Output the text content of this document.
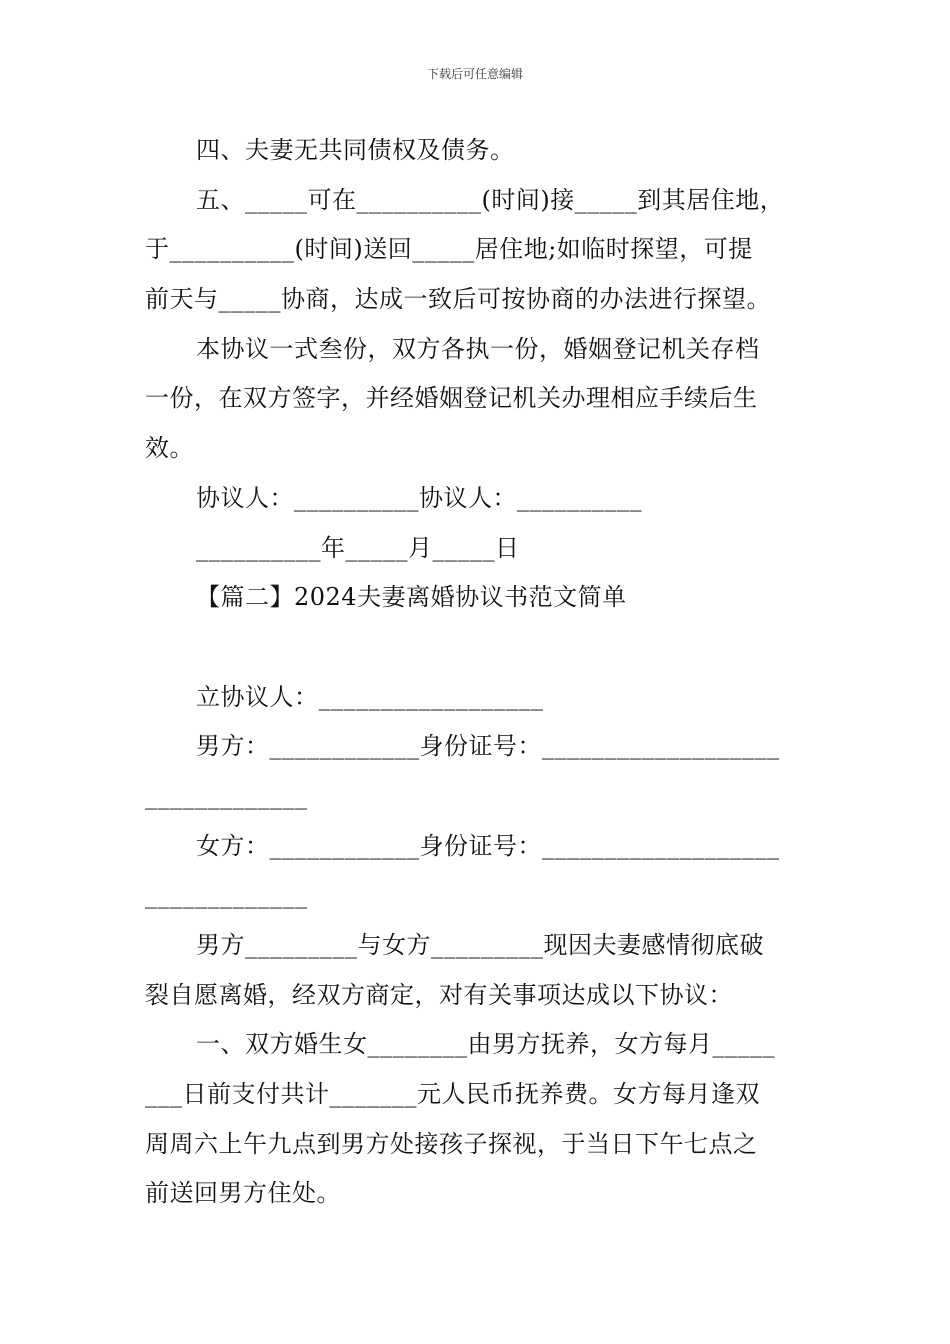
下载后可任意编辑
四、夫妻无共同债权及债务。
五、_____可在__________(时间)接_____到其居住地，
于__________(时间)送回_____居住地;如临时探望，可提
前天与_____协商，达成一致后可按协商的办法进行探望。
本协议一式叁份，双方各执一份，婚姻登记机关存档
一份，在双方签字，并经婚姻登记机关办理相应手续后生
效。
协议人：__________协议人：__________
__________年_____月_____日
【篇二】2024夫妻离婚协议书范文简单
立协议人：__________________
男方：____________身份证号：___________________
_____________
女方：____________身份证号：___________________
_____________
男方_________与女方_________现因夫妻感情彻底破
裂自愿离婚，经双方商定，对有关事项达成以下协议：
一、双方婚生女________由男方抚养，女方每月_____
___日前支付共计_______元人民币抚养费。女方每月逢双
周周六上午九点到男方处接孩子探视，于当日下午七点之
前送回男方住处。
